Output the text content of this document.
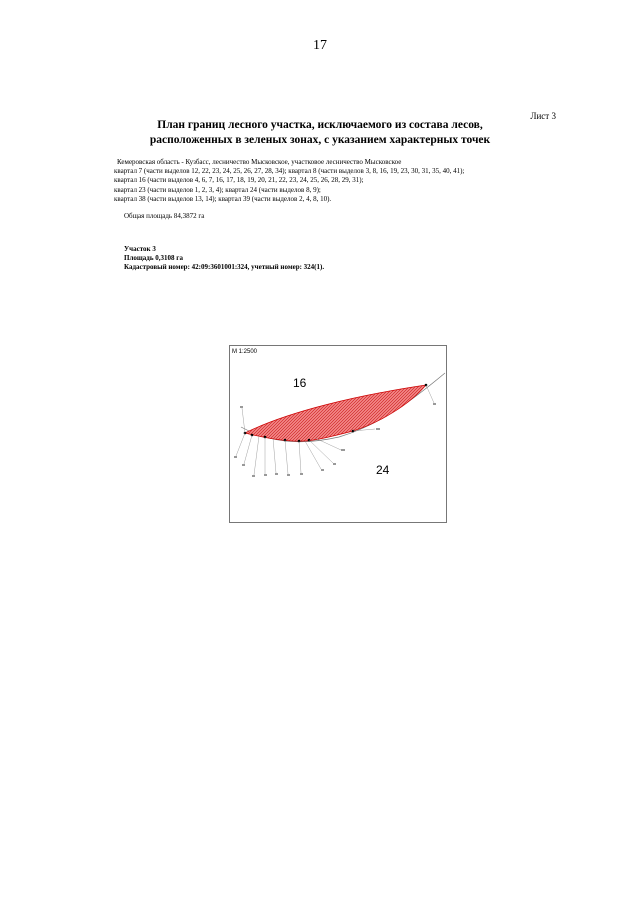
17
Лист 3
План границ лесного участка, исключаемого из состава лесов,
расположенных в зеленых зонах, с указанием характерных точек
Кемеровская область - Кузбасс, лесничество Мысковское, участковое лесничество Мысковское
квартал 7 (части выделов 12, 22, 23, 24, 25, 26, 27, 28, 34); квартал 8 (части выделов 3, 8, 16, 19, 23, 30, 31, 35, 40, 41);
квартал 16 (части выделов 4, 6, 7, 16, 17, 18, 19, 20, 21, 22, 23, 24, 25, 26, 28, 29, 31);
квартал 23 (части выделов 1, 2, 3, 4); квартал 24 (части выделов 8, 9);
квартал 38 (части выделов 13, 14); квартал 39 (части выделов 2, 4, 8, 10).
Общая площадь 84,3872 га
Участок 3
Площадь 0,3108 га
Кадастровый номер: 42:09:3601001:324, учетный номер: 324(1).
М 1:2500
16
24
